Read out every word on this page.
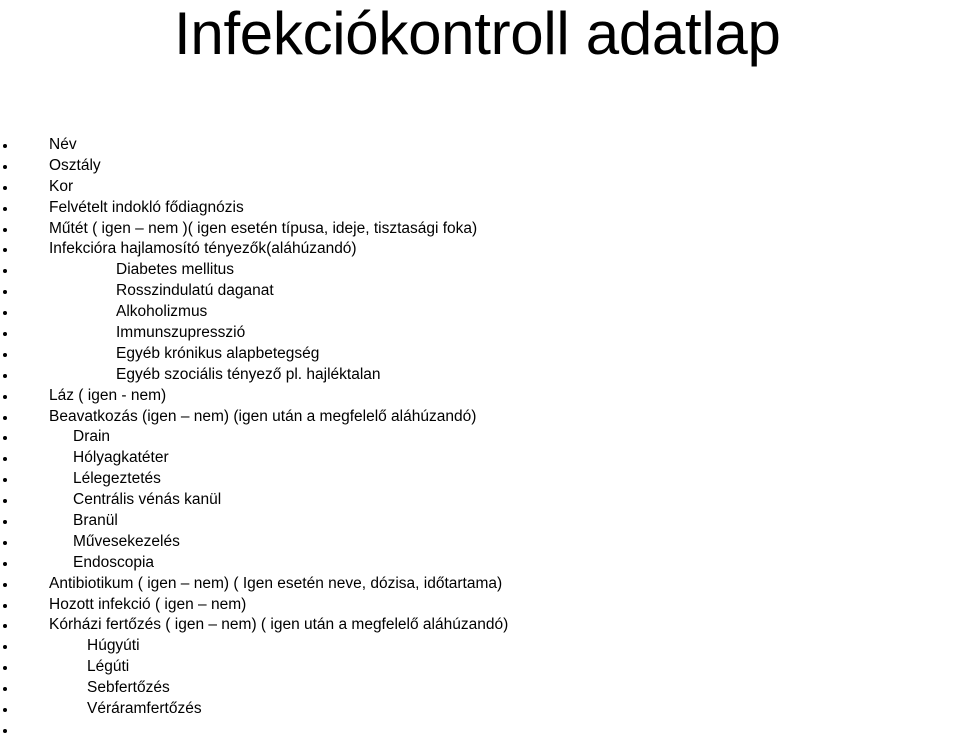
Infekciókontroll adatlap
Név
Osztály
Kor
Felvételt indokló fődiagnózis
Műtét ( igen – nem )( igen esetén típusa, ideje, tisztasági foka)
Infekcióra hajlamosító tényezők(aláhúzandó)
Diabetes mellitus
Rosszindulatú daganat
Alkoholizmus
Immunszupresszió
Egyéb krónikus alapbetegség
Egyéb szociális tényező pl. hajléktalan
Láz ( igen - nem)
Beavatkozás (igen – nem) (igen után a megfelelő aláhúzandó)
Drain
Hólyagkatéter
Lélegeztetés
Centrális vénás kanül
Branül
Művesekezelés
Endoscopia
Antibiotikum ( igen – nem) ( Igen esetén neve, dózisa, időtartama)
Hozott infekció ( igen – nem)
Kórházi fertőzés ( igen – nem) ( igen után a megfelelő aláhúzandó)
Húgyúti
Légúti
Sebfertőzés
Véráramfertőzés
